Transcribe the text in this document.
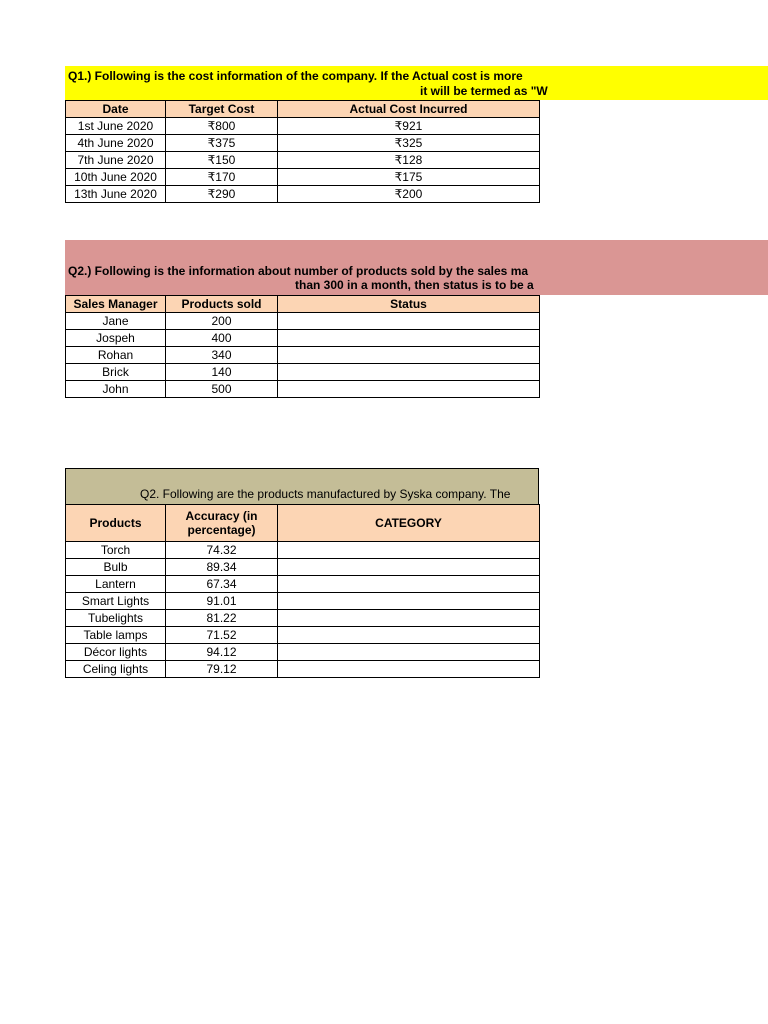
Q1.) Following is the cost information of the company. If the Actual cost is more
it will be termed as "W
Date	Target Cost	Actual Cost Incurred
1st June 2020	₹800	₹921
4th June 2020	₹375	₹325
7th June 2020	₹150	₹128
10th June 2020	₹170	₹175
13th June 2020	₹290	₹200
Q2.) Following is the information about number of products sold by the sales ma
than 300 in a month, then status is to be a
Sales Manager	Products sold	Status
Jane	200	
Jospeh	400	
Rohan	340	
Brick	140	
John	500	
Q2. Following are the products manufactured by Syska company. The
Products	Accuracy (in percentage)	CATEGORY
Torch	74.32	
Bulb	89.34	
Lantern	67.34	
Smart Lights	91.01	
Tubelights	81.22	
Table lamps	71.52	
Décor lights	94.12	
Celing lights	79.12	
